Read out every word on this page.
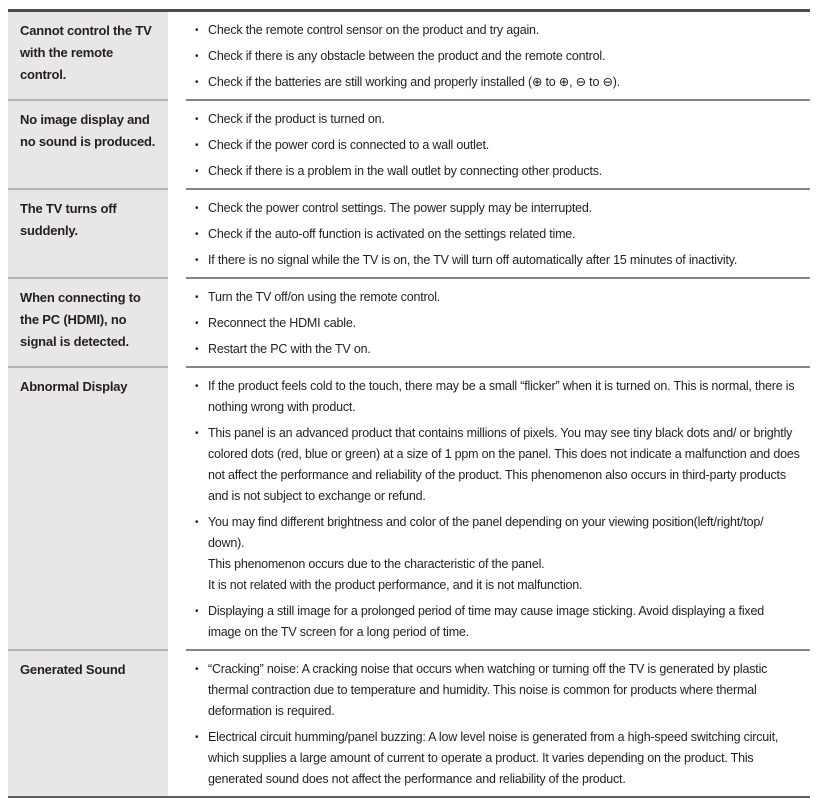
Cannot control the TV with the remote control.
• Check the remote control sensor on the product and try again.

• Check if there is any obstacle between the product and the remote control.

• Check if the batteries are still working and properly installed (⊕ to ⊕, ⊖ to ⊖).

No image display and no sound is produced.
• Check if the product is turned on.

• Check if the power cord is connected to a wall outlet.

• Check if there is a problem in the wall outlet by connecting other products.

The TV turns off suddenly.
• Check the power control settings. The power supply may be interrupted.

• Check if the auto-off function is activated on the settings related time.

• If there is no signal while the TV is on, the TV will turn off automatically after 15 minutes of inactivity.

When connecting to the PC (HDMI), no signal is detected.
• Turn the TV off/on using the remote control.

• Reconnect the HDMI cable.

• Restart the PC with the TV on.

Abnormal Display	• If the product feels cold to the touch, there may be a small “flicker” when it is turned on. This is normal, there is nothing wrong with product.

• This panel is an advanced product that contains millions of pixels. You may see tiny black dots and/ or brightly colored dots (red, blue or green) at a size of 1 ppm on the panel. This does not indicate a malfunction and does not affect the performance and reliability of the product. This phenomenon also occurs in third-party products and is not subject to exchange or refund.

• You may find different brightness and color of the panel depending on your viewing position(left/right/top/ down).

This phenomenon occurs due to the characteristic of the panel.

It is not related with the product performance, and it is not malfunction.

• Displaying a still image for a prolonged period of time may cause image sticking. Avoid displaying a fixed image on the TV screen for a long period of time.

Generated Sound	• “Cracking” noise: A cracking noise that occurs when watching or turning off the TV is generated by plastic thermal contraction due to temperature and humidity. This noise is common for products where thermal deformation is required.

• Electrical circuit humming/panel buzzing: A low level noise is generated from a high-speed switching circuit, which supplies a large amount of current to operate a product. It varies depending on the product. This generated sound does not affect the performance and reliability of the product.
